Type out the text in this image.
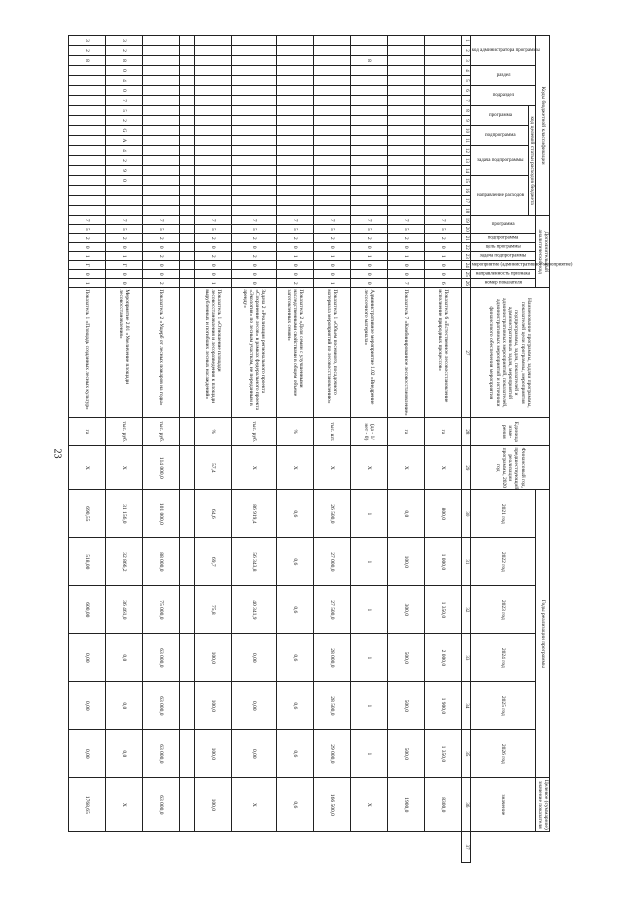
23
Коды бюджетной классификации																		Дополнительный аналитический код								Наименование программы, задачи программы, показателей цели программы, мероприятия подпрограммы, задач, показателей и административных задач, мероприятий административных мероприятий, показателей, административных мероприятий и источники финансового обеспечения мероприятия	Единица изме-рения	Финансовый год, предшествующий реализации программы, 2020 год	Годы реализации программы						Целевое (суммарное) значение показателя	
код администратора программы			раздел		подраздел		код целевой статьи расходов бюджета											программа		подпрограмма	цель программы	задача подпрограммы	мероприятие (административное мероприятие)	направленность признака	номер показателя				2021 год	2022 год	2023 год	2024 год	2025 год	2026 год	значение	
							программа		подпрограмма		задача подпрограммы			направление расходов																						
1	2	3	4	5	6	7	8	9	10	11	12	13	14	15	16	17	18	19	20	21	22	23	24	25	26	27	28	29	30	31	32	33	34	35	36	37
																		7	5	2	0	1	0	0	6	Показатель 6 «Естественное лесовосстановление исполнение природных процессов»	га	Х	800,0	1 000,0	1 350,0	2 000,0	1 900,0	1 350,0	8300,0	
																		7	5	2	0	1	0	0	7	Показатель 7 «Комбинированное лесовосстановление»	га	Х	0,0	100,0	300,0	500,0	500,0	500,0	1900,0	
		8																7	5	2	0	1	0	0	0	Административное мероприятие 1.02 «Внедрение лесосечного материала»	(да - 1/ нет - 0)	Х	1	1	1	1	1	1	Х	
																		7	5	2	0	1	0	0	1	Показатель 1 «Объем посевного, посадочного материала мероприятий по лесовосстановлению»	тыс. шт.	Х	26 500,0	27 000,0	27 500,0	28 000,0	28 500,0	29 000,0	166 500,0	
																		7	5	2	0	1	0	0	2	Показатель 2 «Доля семян с улучшенными наследственными свойствами в общем объеме заготовленных семян»	%	Х	0,6	0,6	0,6	0,6	0,6	0,6	0,6	
																		7	5	2	0	2	0	0	0	Задача 2 «Реализация регионального проекта «Сохранение лесов» в рамках федерального проекта «Экология» по лесным участкам, не переданным в аренду»	тыс. руб.	Х	86 919,4	56 343,8	40 341,9	0,00	0,00	0,00	Х	
																		7	5	2	0	2	0	0	1	Показатель 1 «Отношение площади лесовосстановления и лесоразведения к площади вырубленных и погибших лесных насаждений»	%	57,4	64,6	69,7	75,8	100,0	100,0	100,0	100,0	

																		7	5	2	0	2	0	0	2	Показатель 2 «Ущерб от лесных пожаров на годы»	тыс. руб.	114 000,0	101 000,0	88 000,0	75 000,0	63 000,0	63 000,0	63 000,0	63 000,0	
3	2	8	0	4	0	7	5	2	G	A	4	2	9	0				7	5	2	0	1	Г	0	0	Мероприятие 2.01 «Увеличение площади лесовосстановления»	тыс. руб.	Х	31 156,0	32 866,2	36 461,0	0,0	0,0	0,0	Х	
3	2	8																7	5	2	0	1	Г	0	1	Показатель 1 «Площадь созданных лесных культур»	га	Х	690,55	518,00	600,00	0,00	0,00	0,00	1768,65	
